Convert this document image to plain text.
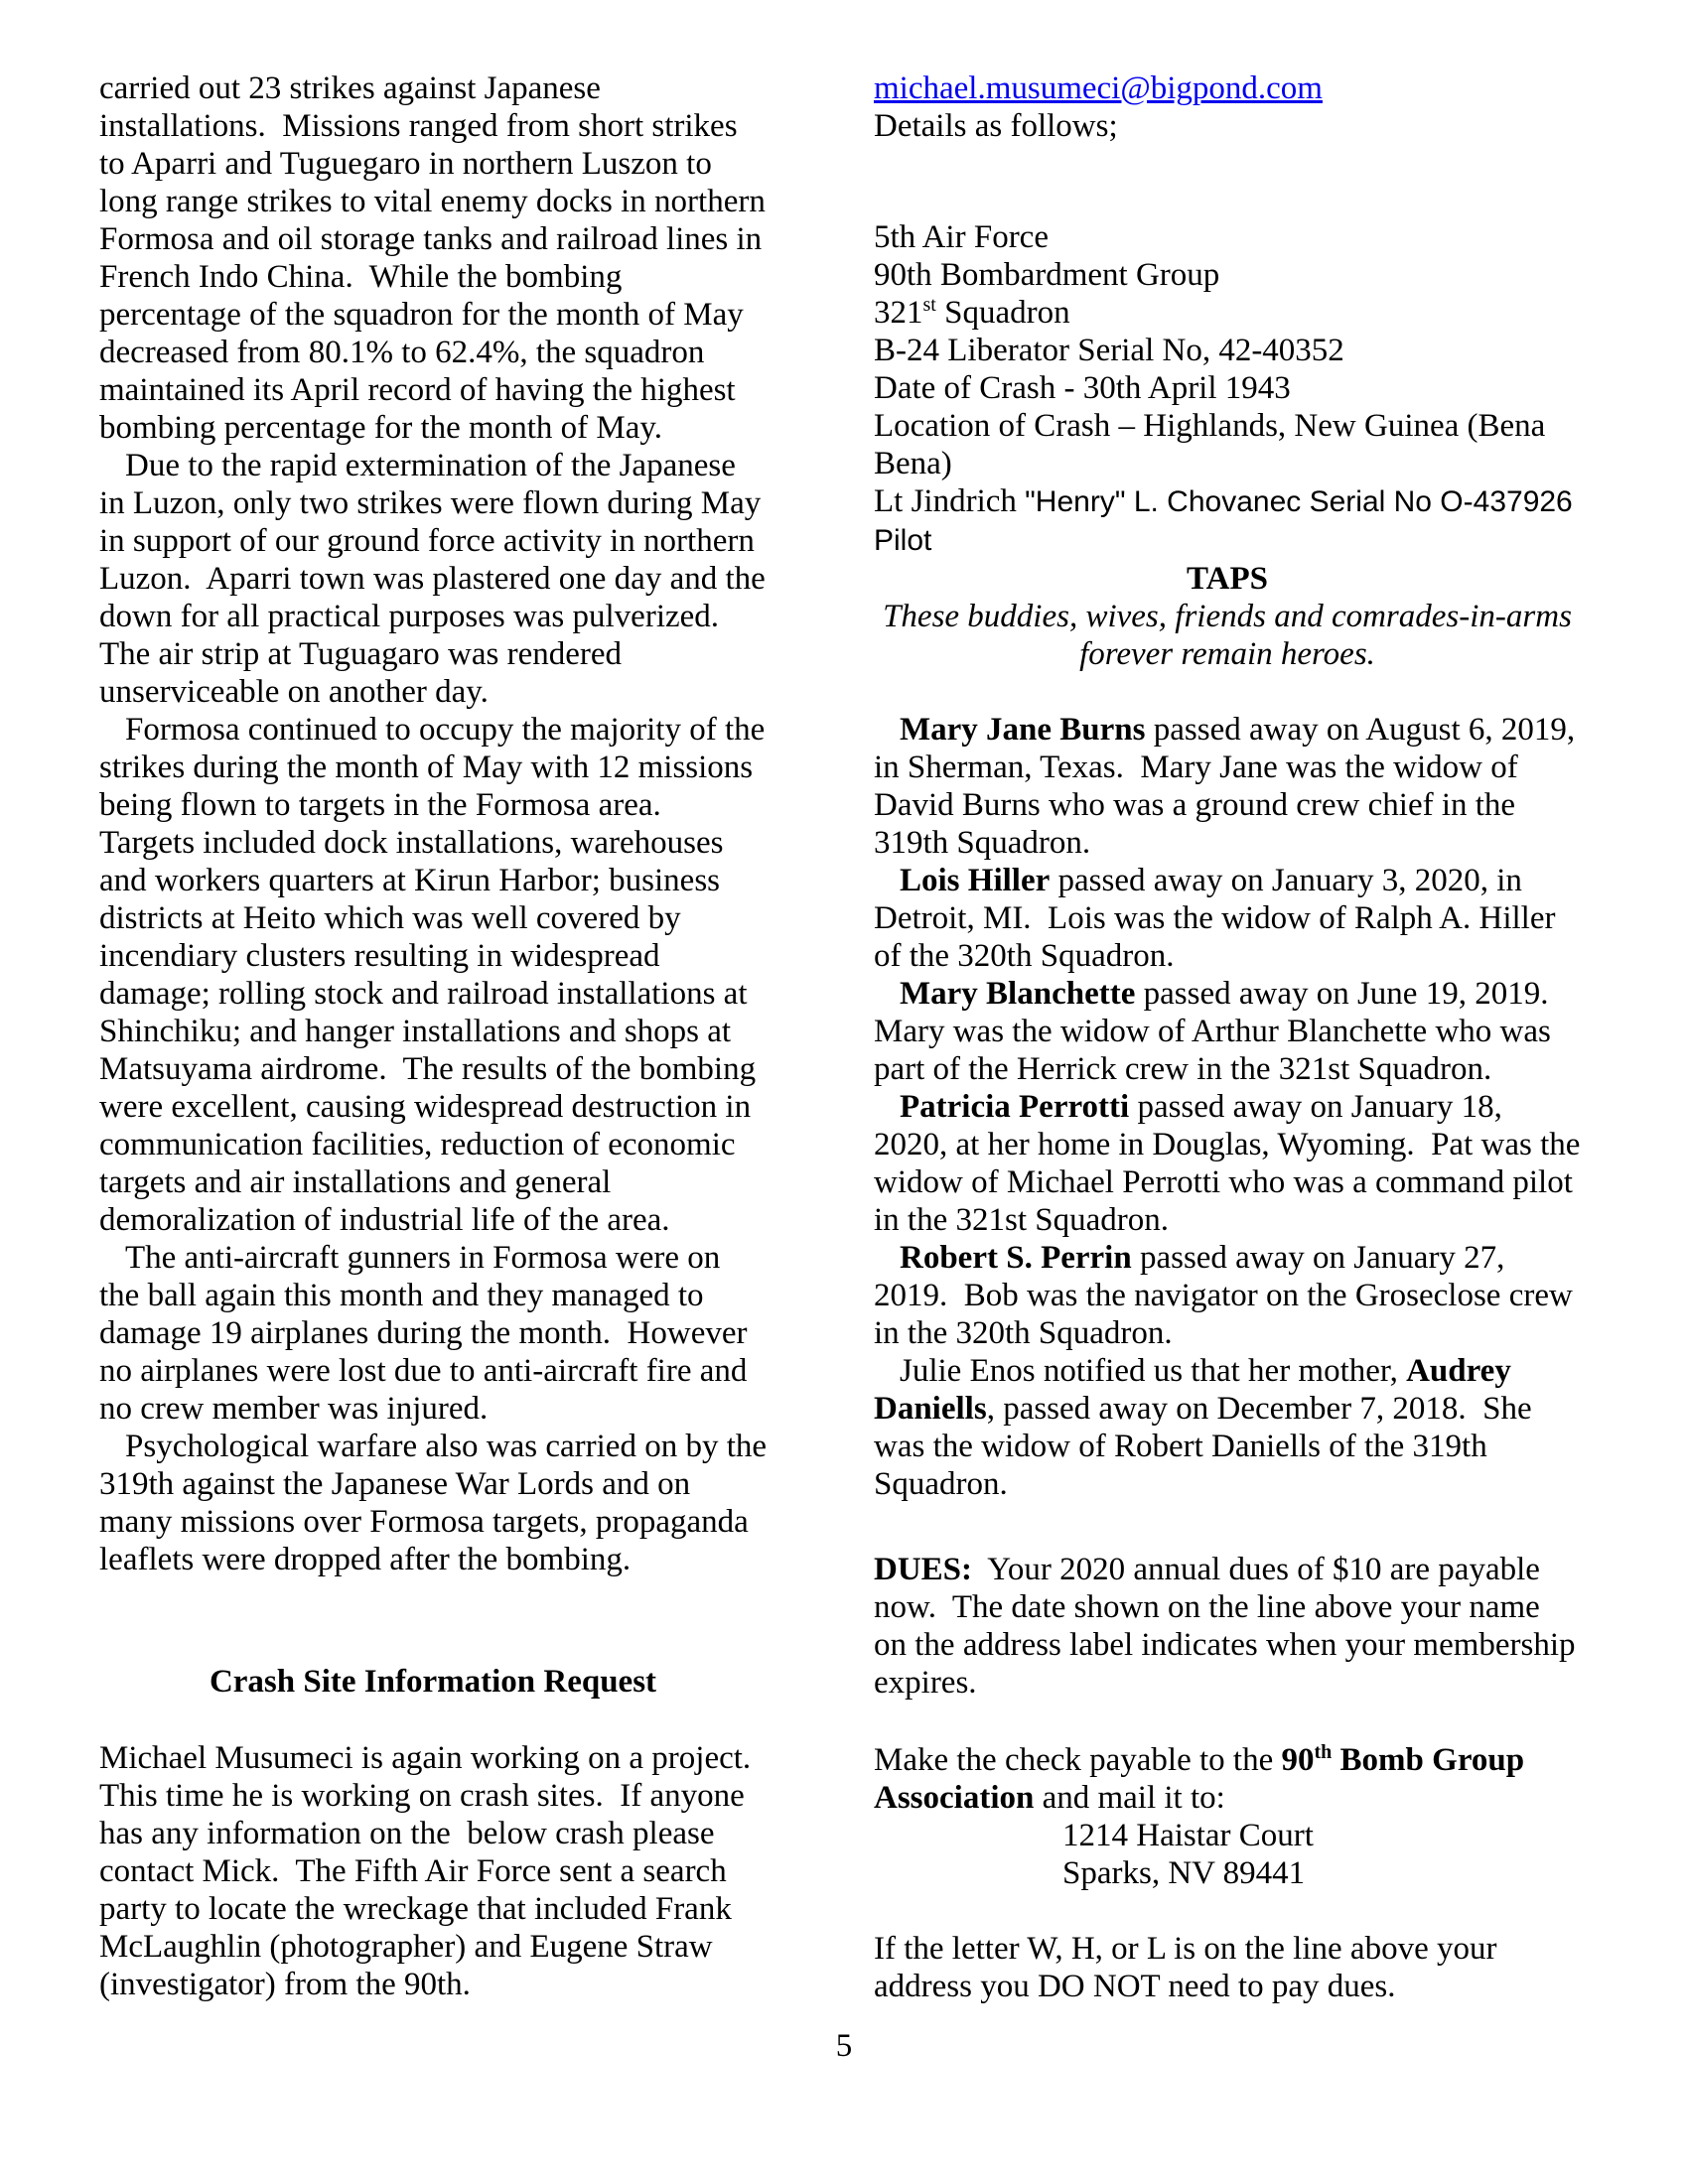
carried out 23 strikes against Japanese installations.  Missions ranged from short strikes to Aparri and Tuguegaro in northern Luszon to long range strikes to vital enemy docks in northern Formosa and oil storage tanks and railroad lines in French Indo China.  While the bombing percentage of the squadron for the month of May decreased from 80.1% to 62.4%, the squadron maintained its April record of having the highest bombing percentage for the month of May.

Due to the rapid extermination of the Japanese in Luzon, only two strikes were flown during May in support of our ground force activity in northern Luzon.  Aparri town was plastered one day and the down for all practical purposes was pulverized.  The air strip at Tuguagaro was rendered unserviceable on another day.

Formosa continued to occupy the majority of the strikes during the month of May with 12 missions being flown to targets in the Formosa area.  Targets included dock installations, warehouses and workers quarters at Kirun Harbor; business districts at Heito which was well covered by incendiary clusters resulting in widespread damage; rolling stock and railroad installations at Shinchiku; and hanger installations and shops at Matsuyama airdrome.  The results of the bombing were excellent, causing widespread destruction in communication facilities, reduction of economic targets and air installations and general demoralization of industrial life of the area.

The anti-aircraft gunners in Formosa were on the ball again this month and they managed to damage 19 airplanes during the month.  However no airplanes were lost due to anti-aircraft fire and no crew member was injured.

Psychological warfare also was carried on by the 319th against the Japanese War Lords and on many missions over Formosa targets, propaganda leaflets were dropped after the bombing.

Crash Site Information Request

Michael Musumeci is again working on a project. This time he is working on crash sites.  If anyone has any information on the  below crash please contact Mick.  The Fifth Air Force sent a search party to locate the wreckage that included Frank McLaughlin (photographer) and Eugene Straw (investigator) from the 90th.

michael.musumeci@bigpond.com

Details as follows;

5th Air Force

90th Bombardment Group

321st Squadron

B-24 Liberator Serial No, 42-40352

Date of Crash - 30th April 1943

Location of Crash – Highlands, New Guinea (Bena Bena)

Lt Jindrich "Henry" L. Chovanec Serial No O-437926   Pilot

TAPS

These buddies, wives, friends and comrades-in-arms forever remain heroes.

Mary Jane Burns passed away on August 6, 2019, in Sherman, Texas.  Mary Jane was the widow of David Burns who was a ground crew chief in the 319th Squadron.

Lois Hiller passed away on January 3, 2020, in Detroit, MI.  Lois was the widow of Ralph A. Hiller of the 320th Squadron.

Mary Blanchette passed away on June 19, 2019. Mary was the widow of Arthur Blanchette who was part of the Herrick crew in the 321st Squadron.

Patricia Perrotti passed away on January 18, 2020, at her home in Douglas, Wyoming.  Pat was the widow of Michael Perrotti who was a command pilot in the 321st Squadron.

Robert S. Perrin passed away on January 27, 2019.  Bob was the navigator on the Groseclose crew in the 320th Squadron.

Julie Enos notified us that her mother, Audrey Daniells, passed away on December 7, 2018.  She was the widow of Robert Daniells of the 319th Squadron.

DUES:  Your 2020 annual dues of $10 are payable now.  The date shown on the line above your name on the address label indicates when your membership expires.

Make the check payable to the 90th Bomb Group Association and mail it to:

1214 Haistar Court

Sparks, NV 89441

If the letter W, H, or L is on the line above your address you DO NOT need to pay dues.

5
